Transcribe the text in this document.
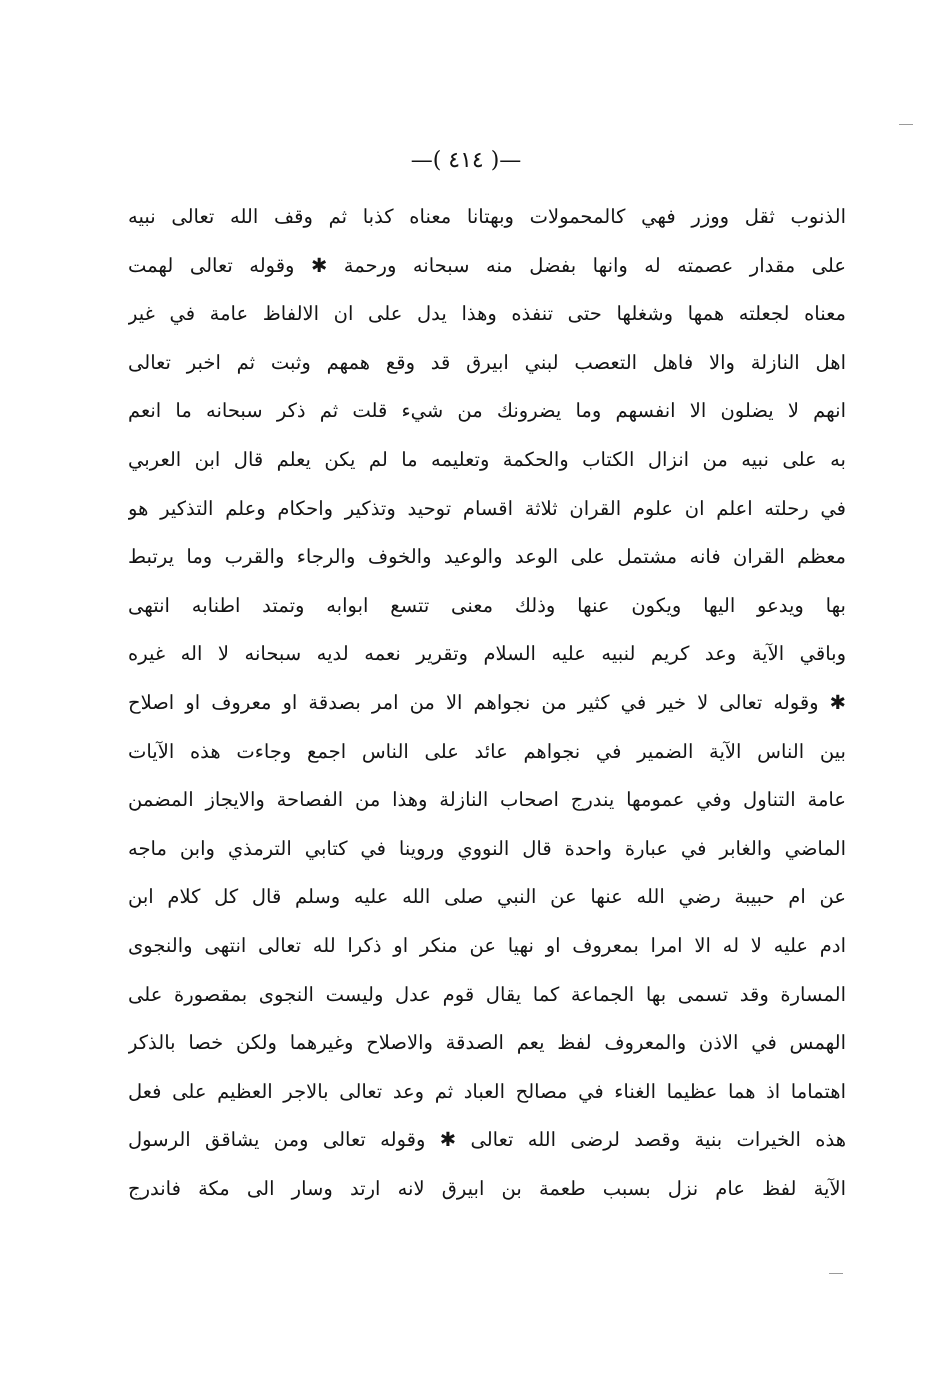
—( ٤١٤ )—
الذنوب ثقل ووزر فهي كالمحمولات وبهتانا معناه كذبا ثم وقف الله تعالى نبيه
على مقدار عصمته له وانها بفضل منه سبحانه ورحمة ✱ وقوله تعالى لهمت
معناه لجعلته همها وشغلها حتى تنفذه وهذا يدل على ان الالفاظ عامة في غير
اهل النازلة والا فاهل التعصب لبني ابيرق قد وقع همهم وثبت ثم اخبر تعالى
انهم لا يضلون الا انفسهم وما يضرونك من شيء قلت ثم ذكر سبحانه ما انعم
به على نبيه من انزال الكتاب والحكمة وتعليمه ما لم يكن يعلم قال ابن العربي
في رحلته اعلم ان علوم القران ثلاثة اقسام توحيد وتذكير واحكام وعلم التذكير هو
معظم القران فانه مشتمل على الوعد والوعيد والخوف والرجاء والقرب وما يرتبط
بها ويدعو اليها ويكون عنها وذلك معنى تتسع ابوابه وتمتد اطنابه انتهى
وباقي الآية وعد كريم لنبيه عليه السلام وتقرير نعمه لديه سبحانه لا اله غيره
✱ وقوله تعالى لا خير في كثير من نجواهم الا من امر بصدقة او معروف او اصلاح
بين الناس الآية الضمير في نجواهم عائد على الناس اجمع وجاءت هذه الآيات
عامة التناول وفي عمومها يندرج اصحاب النازلة وهذا من الفصاحة والايجاز المضمن
الماضي والغابر في عبارة واحدة قال النووي وروينا في كتابي الترمذي وابن ماجه
عن ام حبيبة رضي الله عنها عن النبي صلى الله عليه وسلم قال كل كلام ابن
ادم عليه لا له الا امرا بمعروف او نهيا عن منكر او ذكرا لله تعالى انتهى والنجوى
المسارة وقد تسمى بها الجماعة كما يقال قوم عدل وليست النجوى بمقصورة على
الهمس في الاذن والمعروف لفظ يعم الصدقة والاصلاح وغيرهما ولكن خصا بالذكر
اهتماما اذ هما عظيما الغناء في مصالح العباد ثم وعد تعالى بالاجر العظيم على فعل
هذه الخيرات بنية وقصد لرضى الله تعالى ✱ وقوله تعالى ومن يشاقق الرسول
الآية لفظ عام نزل بسبب طعمة بن ابيرق لانه ارتد وسار الى مكة فاندرج
